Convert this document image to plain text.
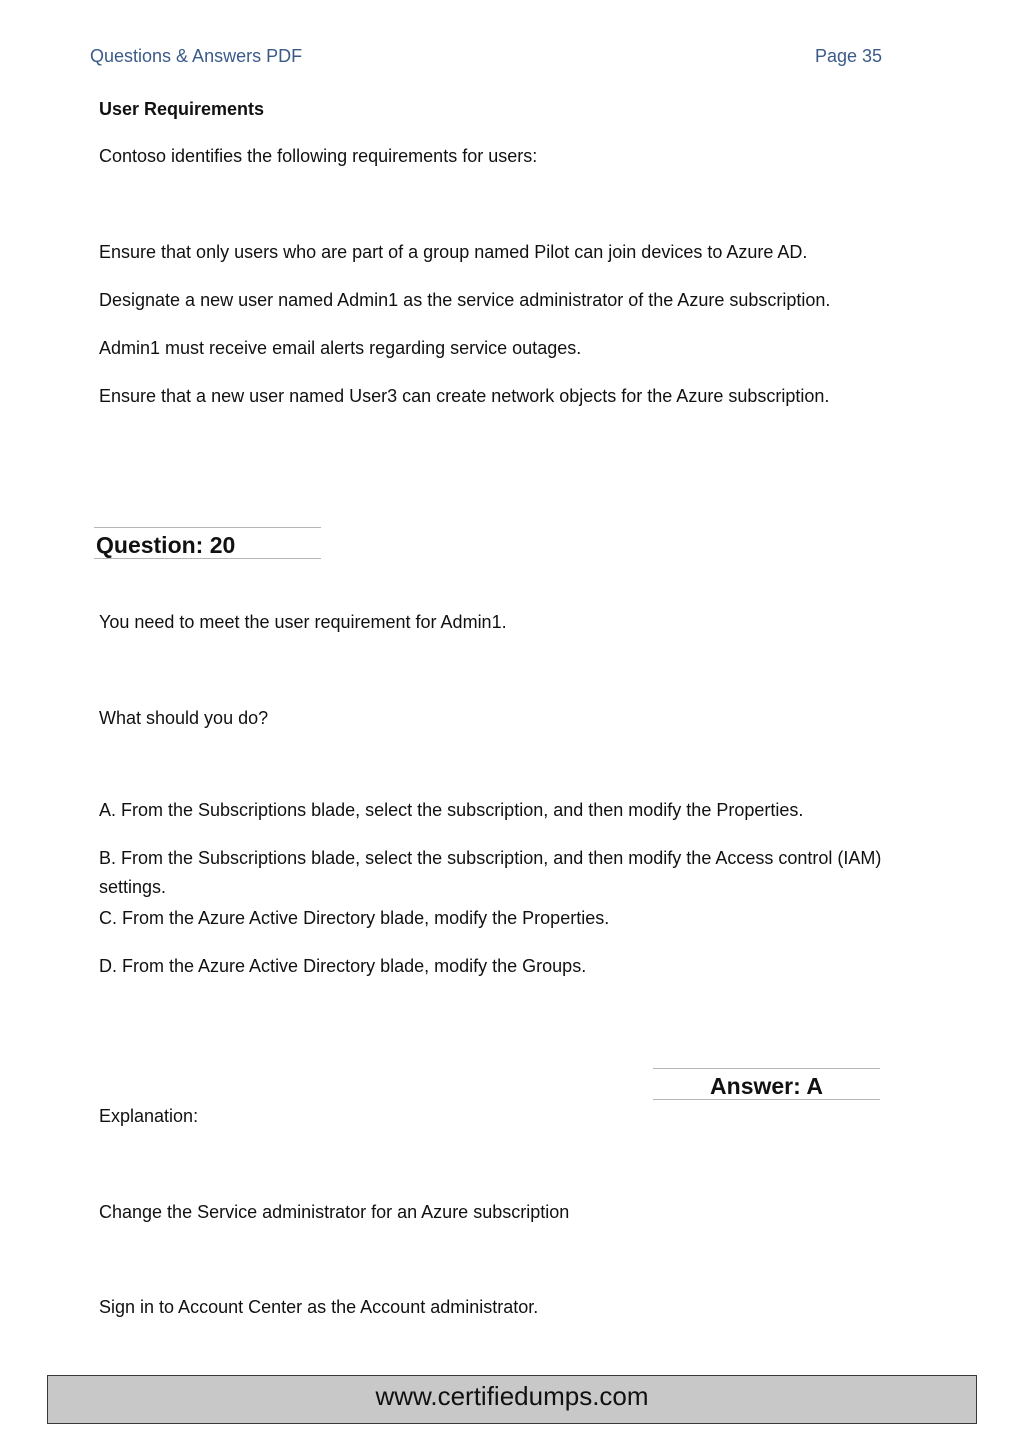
Questions & Answers PDF	Page 35
User Requirements
Contoso identifies the following requirements for users:
Ensure that only users who are part of a group named Pilot can join devices to Azure AD.
Designate a new user named Admin1 as the service administrator of the Azure subscription.
Admin1 must receive email alerts regarding service outages.
Ensure that a new user named User3 can create network objects for the Azure subscription.
Question: 20
You need to meet the user requirement for Admin1.
What should you do?
A. From the Subscriptions blade, select the subscription, and then modify the Properties.
B. From the Subscriptions blade, select the subscription, and then modify the Access control (IAM)
settings.
C. From the Azure Active Directory blade, modify the Properties.
D. From the Azure Active Directory blade, modify the Groups.
Answer: A
Explanation:
Change the Service administrator for an Azure subscription
Sign in to Account Center as the Account administrator.
www.certifiedumps.com
